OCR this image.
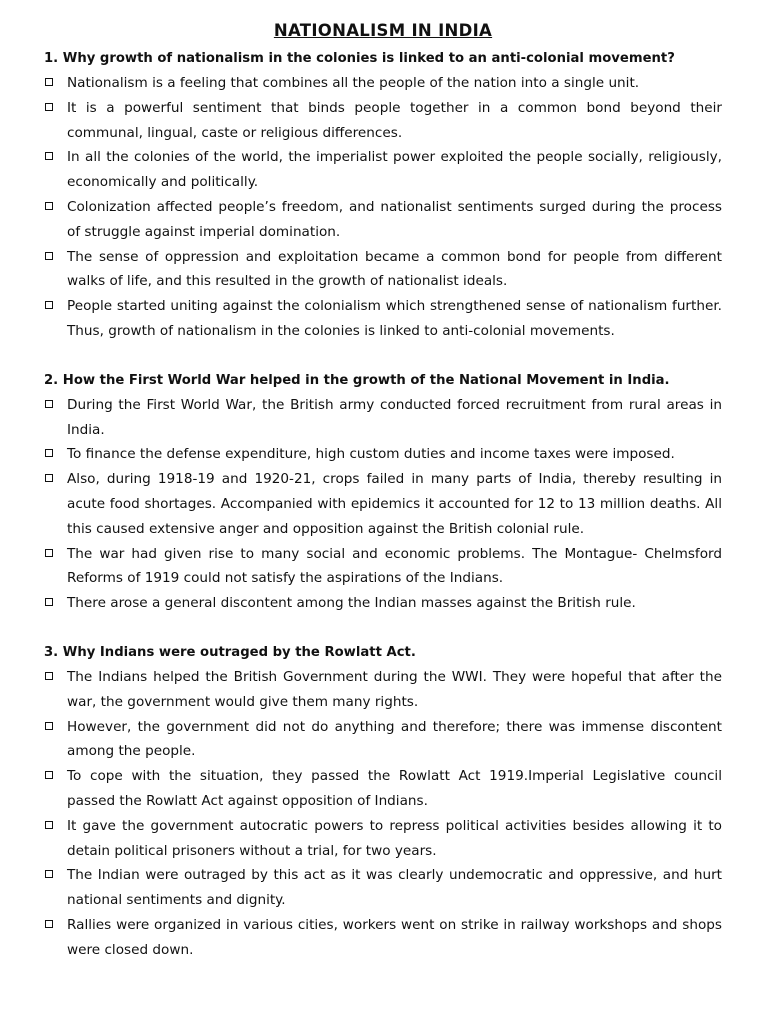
NATIONALISM IN INDIA

1. Why growth of nationalism in the colonies is linked to an anti-colonial movement?

Nationalism is a feeling that combines all the people of the nation into a single unit.
It is a powerful sentiment that binds people together in a common bond beyond their communal, lingual, caste or religious differences.
In all the colonies of the world, the imperialist power exploited the people socially, religiously, economically and politically.
Colonization affected people’s freedom, and nationalist sentiments surged during the process of struggle against imperial domination.
The sense of oppression and exploitation became a common bond for people from different walks of life, and this resulted in the growth of nationalist ideals.
People started uniting against the colonialism which strengthened sense of nationalism further. Thus, growth of nationalism in the colonies is linked to anti-colonial movements.

2. How the First World War helped in the growth of the National Movement in India.

During the First World War, the British army conducted forced recruitment from rural areas in India.
To finance the defense expenditure, high custom duties and income taxes were imposed.
Also, during 1918-19 and 1920-21, crops failed in many parts of India, thereby resulting in acute food shortages. Accompanied with epidemics it accounted for 12 to 13 million deaths. All this caused extensive anger and opposition against the British colonial rule.
The war had given rise to many social and economic problems. The Montague- Chelmsford Reforms of 1919 could not satisfy the aspirations of the Indians.
There arose a general discontent among the Indian masses against the British rule.

3. Why Indians were outraged by the Rowlatt Act.

The Indians helped the British Government during the WWI. They were hopeful that after the war, the government would give them many rights.
However, the government did not do anything and therefore; there was immense discontent among the people.
To cope with the situation, they passed the Rowlatt Act 1919.Imperial Legislative council passed the Rowlatt Act against opposition of Indians.
It gave the government autocratic powers to repress political activities besides allowing it to detain political prisoners without a trial, for two years.
The Indian were outraged by this act as it was clearly undemocratic and oppressive, and hurt national sentiments and dignity.
Rallies were organized in various cities, workers went on strike in railway workshops and shops were closed down.
